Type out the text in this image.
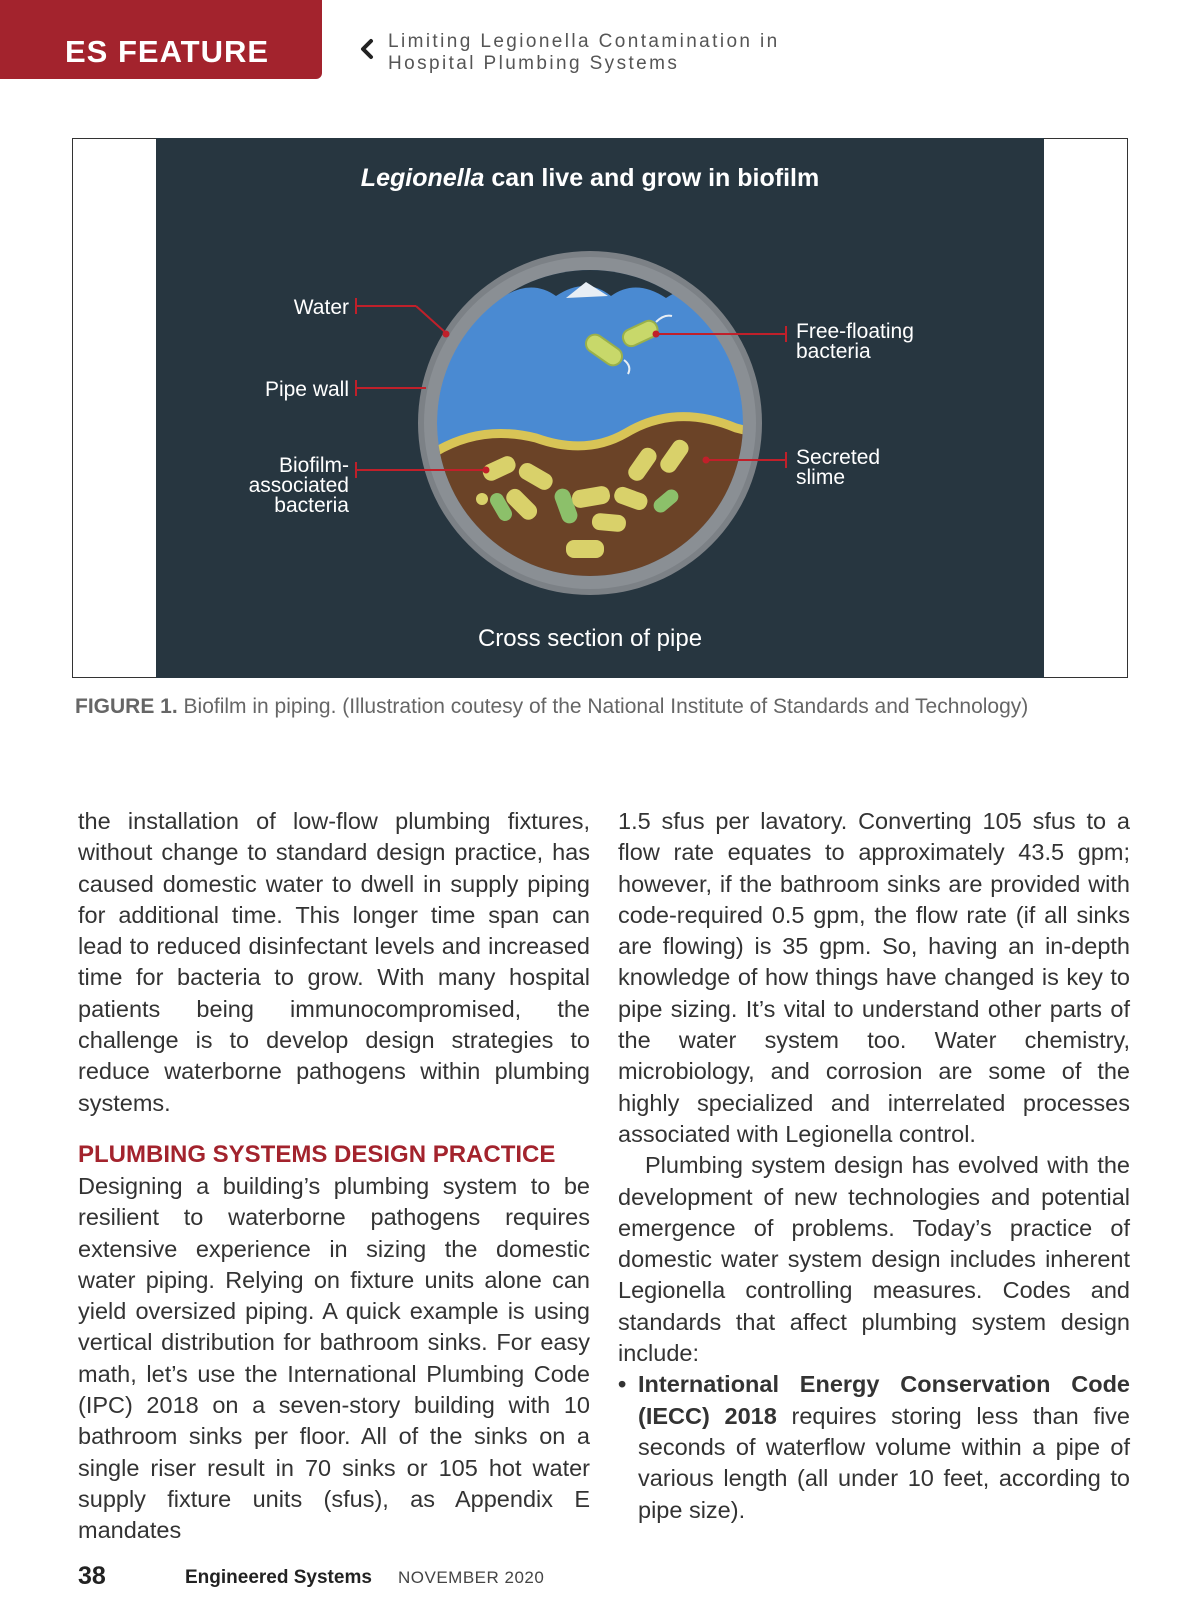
ES FEATURE	Limiting Legionella Contamination in
Hospital Plumbing Systems
Legionella can live and grow in biofilm
Water
Pipe wall
Biofilm-
associated
bacteria
Free-floating
bacteria
Secreted
slime
Cross section of pipe
FIGURE 1. Biofilm in piping. (Illustration coutesy of the National Institute of Standards and Technology)

the installation of low-flow plumbing fixtures, without change to standard design practice, has caused domestic water to dwell in supply piping for additional time. This longer time span can lead to reduced disinfectant levels and increased time for bacteria to grow. With many hospital patients being immunocompromised, the challenge is to develop design strategies to reduce waterborne pathogens within plumbing systems.

PLUMBING SYSTEMS DESIGN PRACTICE

Designing a building’s plumbing system to be resilient to waterborne pathogens requires extensive experience in sizing the domestic water piping. Relying on fixture units alone can yield oversized piping. A quick example is using vertical distribution for bathroom sinks. For easy math, let’s use the International Plumbing Code (IPC) 2018 on a seven-story building with 10 bathroom sinks per floor. All of the sinks on a single riser result in 70 sinks or 105 hot water supply fixture units (sfus), as Appendix E mandates

1.5 sfus per lavatory. Converting 105 sfus to a flow rate equates to approximately 43.5 gpm; however, if the bathroom sinks are provided with code-required 0.5 gpm, the flow rate (if all sinks are flowing) is 35 gpm. So, having an in-depth knowledge of how things have changed is key to pipe sizing. It’s vital to understand other parts of the water system too. Water chemistry, microbiology, and corrosion are some of the highly specialized and interrelated processes associated with Legionella control.

Plumbing system design has evolved with the development of new technologies and potential emergence of problems. Today’s practice of domestic water system design includes inherent Legionella controlling measures. Codes and standards that affect plumbing system design include:

• International Energy Conservation Code (IECC) 2018 requires storing less than five seconds of waterflow volume within a pipe of various length (all under 10 feet, according to pipe size).

38	Engineered Systems NOVEMBER 2020
